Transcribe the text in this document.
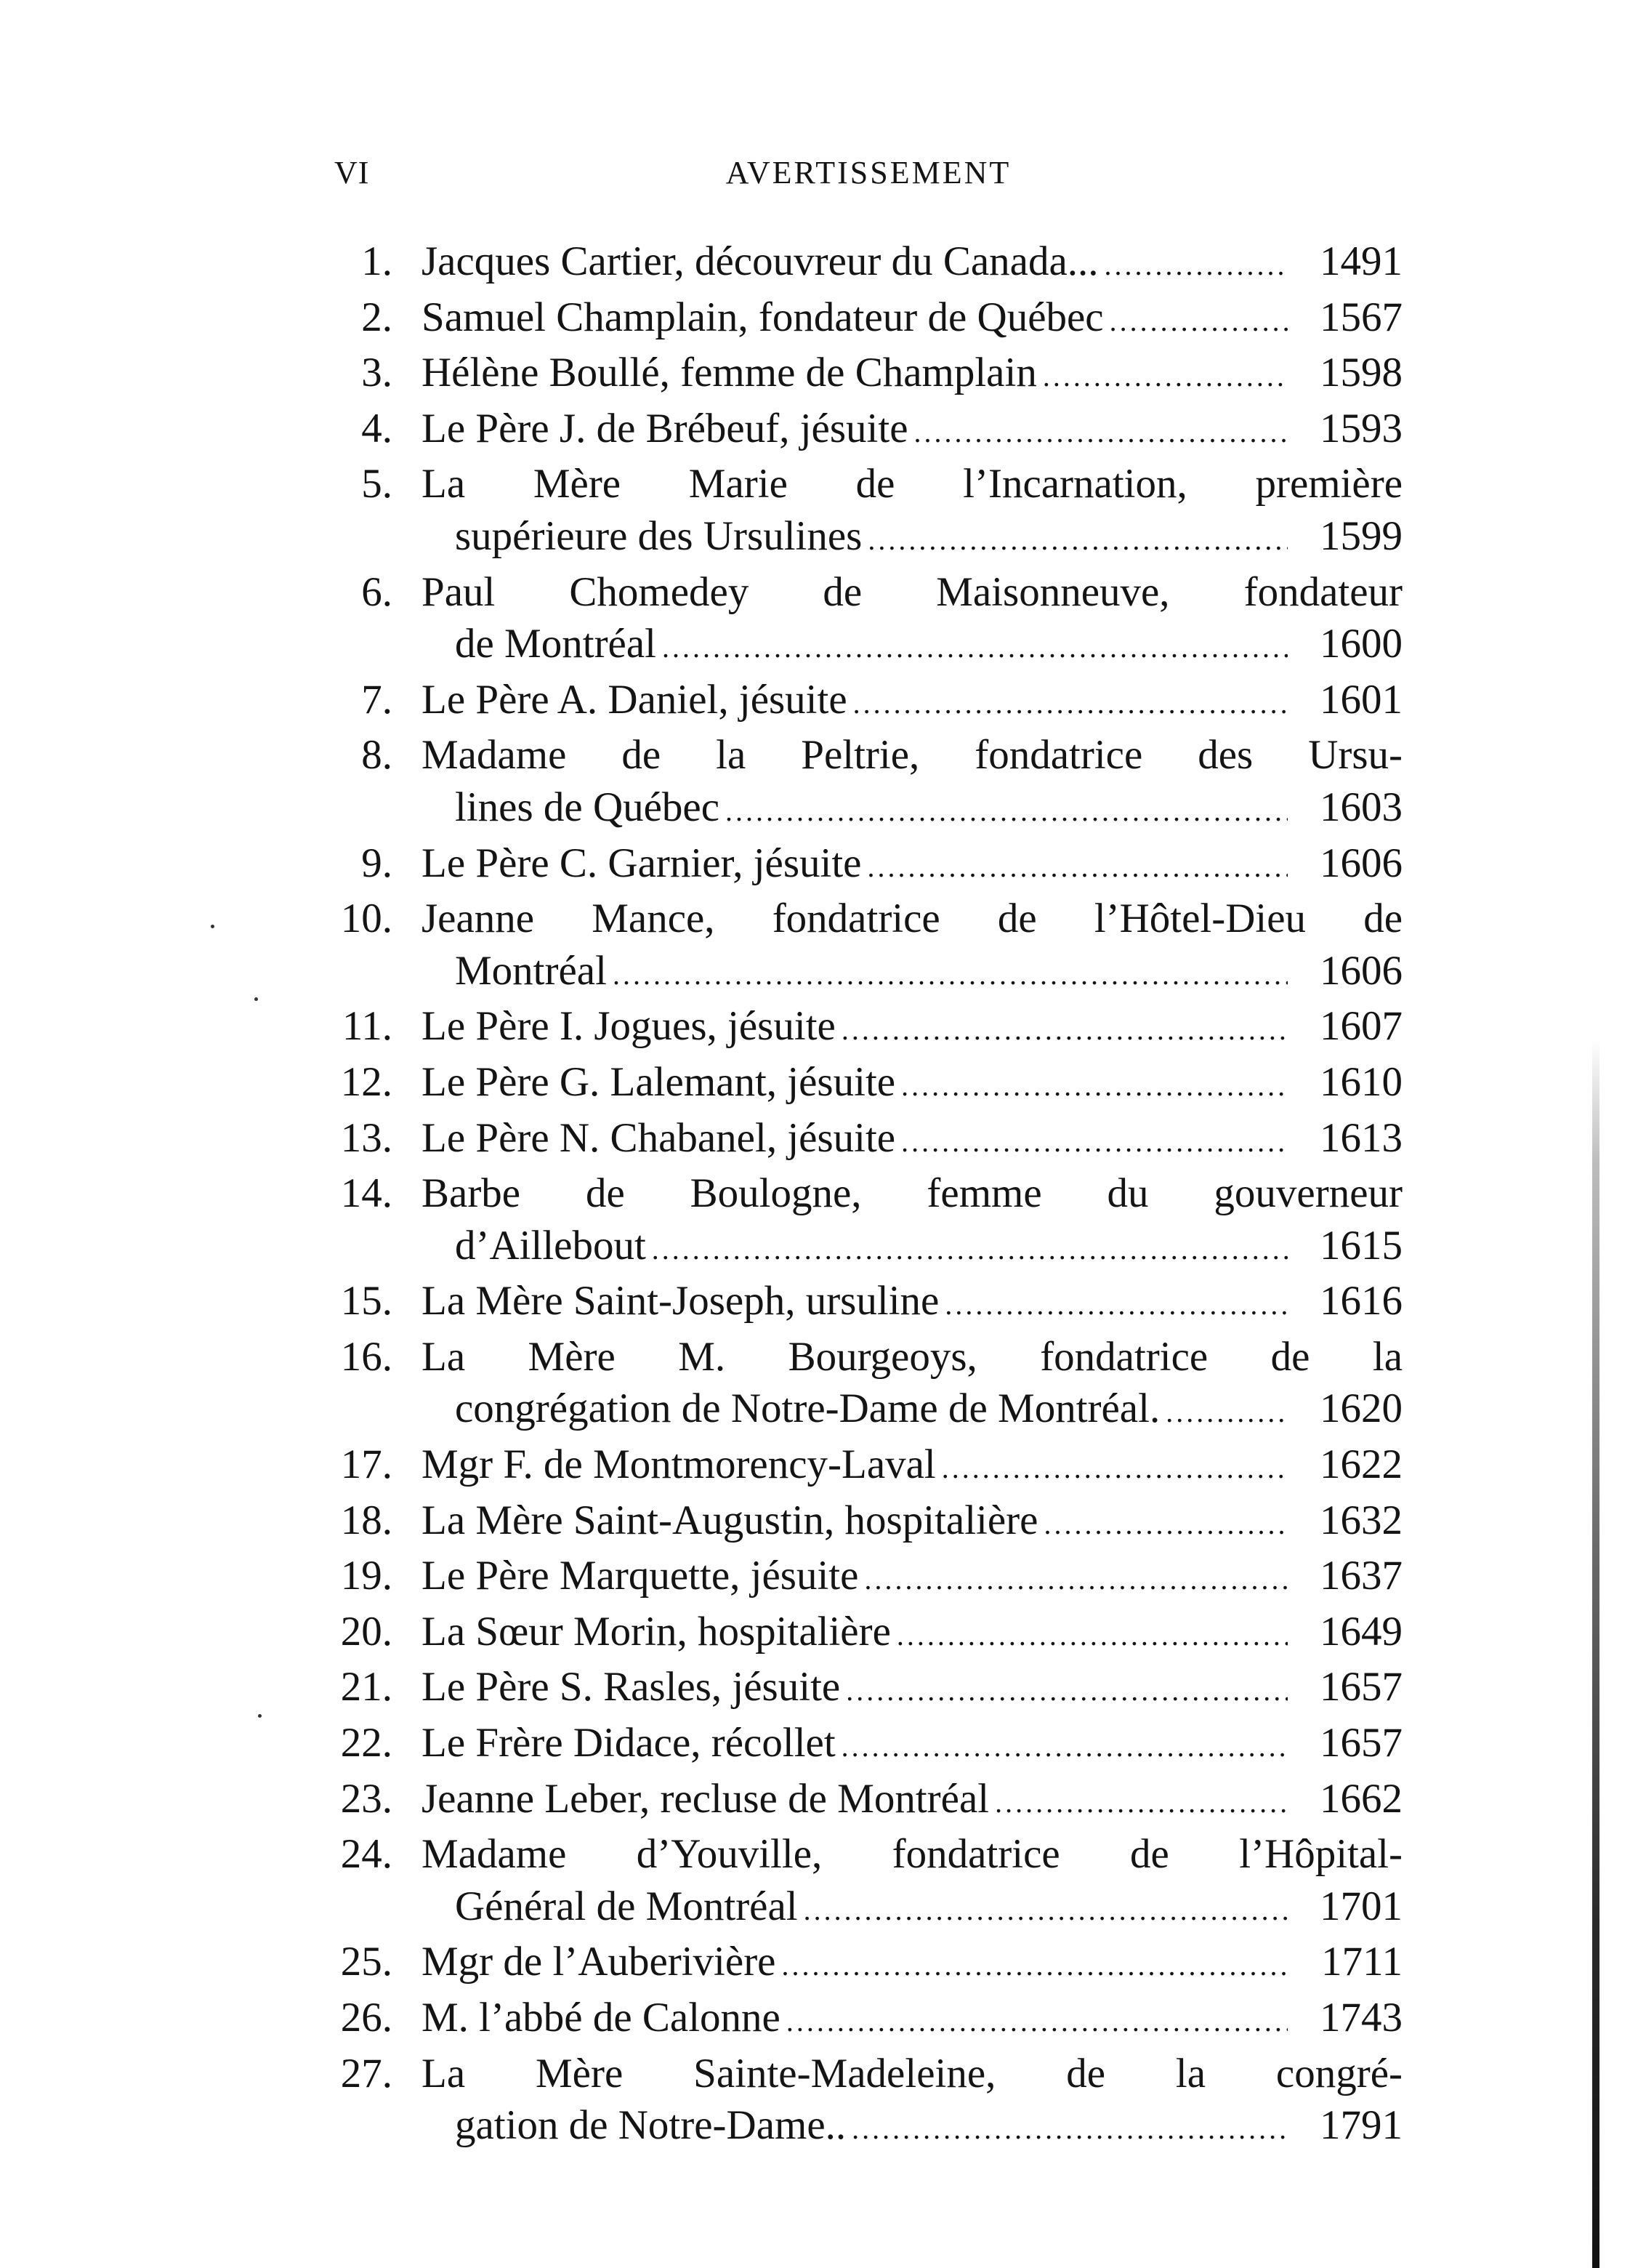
VI	AVERTISSEMENT
1. Jacques Cartier, découvreur du Canada... .....	1491
2. Samuel Champlain, fondateur de Québec .....	1567
3. Hélène Boullé, femme de Champlain .....	1598
4. Le Père J. de Brébeuf, jésuite .....	1593
5. La Mère Marie de l’Incarnation, première
supérieure des Ursulines .....	1599
6. Paul Chomedey de Maisonneuve, fondateur
de Montréal .....	1600
7. Le Père A. Daniel, jésuite .....	1601
8. Madame de la Peltrie, fondatrice des Ursu-
lines de Québec .....	1603
9. Le Père C. Garnier, jésuite .....	1606
10. Jeanne Mance, fondatrice de l’Hôtel-Dieu de
Montréal .....	1606
11. Le Père I. Jogues, jésuite .....	1607
12. Le Père G. Lalemant, jésuite .....	1610
13. Le Père N. Chabanel, jésuite .....	1613
14. Barbe de Boulogne, femme du gouverneur
d’Aillebout .....	1615
15. La Mère Saint-Joseph, ursuline .....	1616
16. La Mère M. Bourgeoys, fondatrice de la
congrégation de Notre-Dame de Montréal. .....	1620
17. Mgr F. de Montmorency-Laval .....	1622
18. La Mère Saint-Augustin, hospitalière .....	1632
19. Le Père Marquette, jésuite .....	1637
20. La Sœur Morin, hospitalière .....	1649
21. Le Père S. Rasles, jésuite .....	1657
22. Le Frère Didace, récollet .....	1657
23. Jeanne Leber, recluse de Montréal .....	1662
24. Madame d’Youville, fondatrice de l’Hôpital-
Général de Montréal .....	1701
25. Mgr de l’Auberivière .....	1711
26. M. l’abbé de Calonne .....	1743
27. La Mère Sainte-Madeleine, de la congré-
gation de Notre-Dame.. .....	1791
